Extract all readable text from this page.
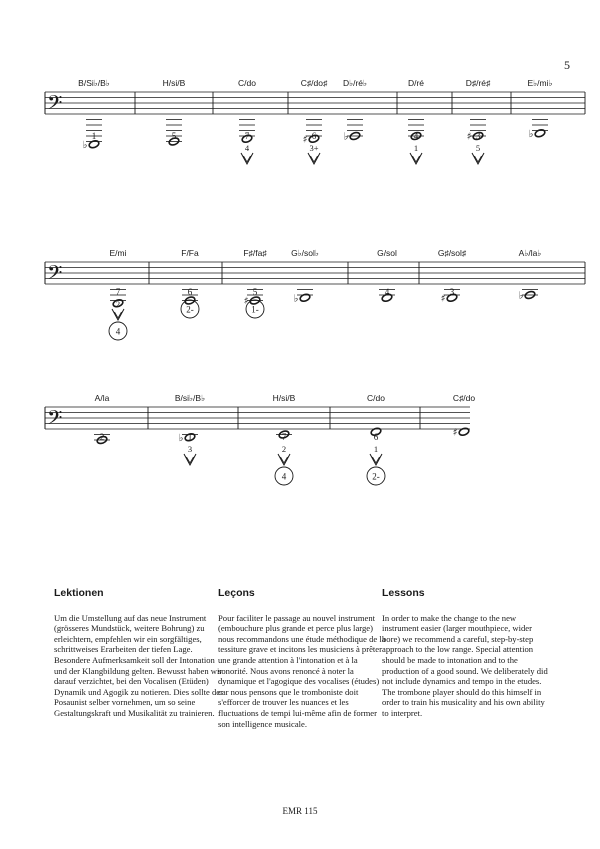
5
𝄢
B/Si♭/B♭
♭
1
H/si/B
5
C/do
7
4
C♯/do♯
♯ 6
3+
D♭/ré♭
♭
D/ré
4
1
D♯/ré♯
♯ 3
5
E♭/mi♭
♭
𝄢
E/mi
7
2
4
F/Fa
6
2-
F♯/fa♯
♯
5
1-
G♭/sol♭
♭
G/sol
4
G♯/sol♯
♯
3
A♭/la♭
♭
𝄢
A/la
2
B/si♭/B♭
♭ 1
3
H/si/B
7
2
4
C/do
6
1
2-
C♯/do
♯
Lektionen

Um die Umstellung auf das neue Instrument (grösseres Mundstück, weitere Bohrung) zu erleichtern, empfehlen wir ein sorgfältiges, schrittweises Erarbeiten der tiefen Lage. Besondere Aufmerksamkeit soll der Intonation und der Klangbildung gelten. Bewusst haben wir darauf verzichtet, bei den Vocalisen (Etüden) Dynamik und Agogik zu notieren. Dies sollte der Posaunist selber vornehmen, um so seine Gestaltungskraft und Musikalität zu trainieren.

Leçons

Pour faciliter le passage au nouvel instrument (embouchure plus grande et perce plus large) nous recommandons une étude méthodique de la tessiture grave et incitons les musiciens à prêter une grande attention à l'intonation et à la sonorité. Nous avons renoncé à noter la dynamique et l'agogique des vocalises (études) car nous pensons que le tromboniste doit s'efforcer de trouver les nuances et les fluctuations de tempi lui-même afin de former son intelligence musicale.

Lessons

In order to make the change to the new instrument easier (larger mouthpiece, wider bore) we recommend a careful, step-by-step approach to the low range. Special attention should be made to intonation and to the production of a good sound. We deliberately did not include dynamics and tempo in the etudes. The trombone player should do this himself in order to train his musicality and his own ability to interpret.

EMR 115
